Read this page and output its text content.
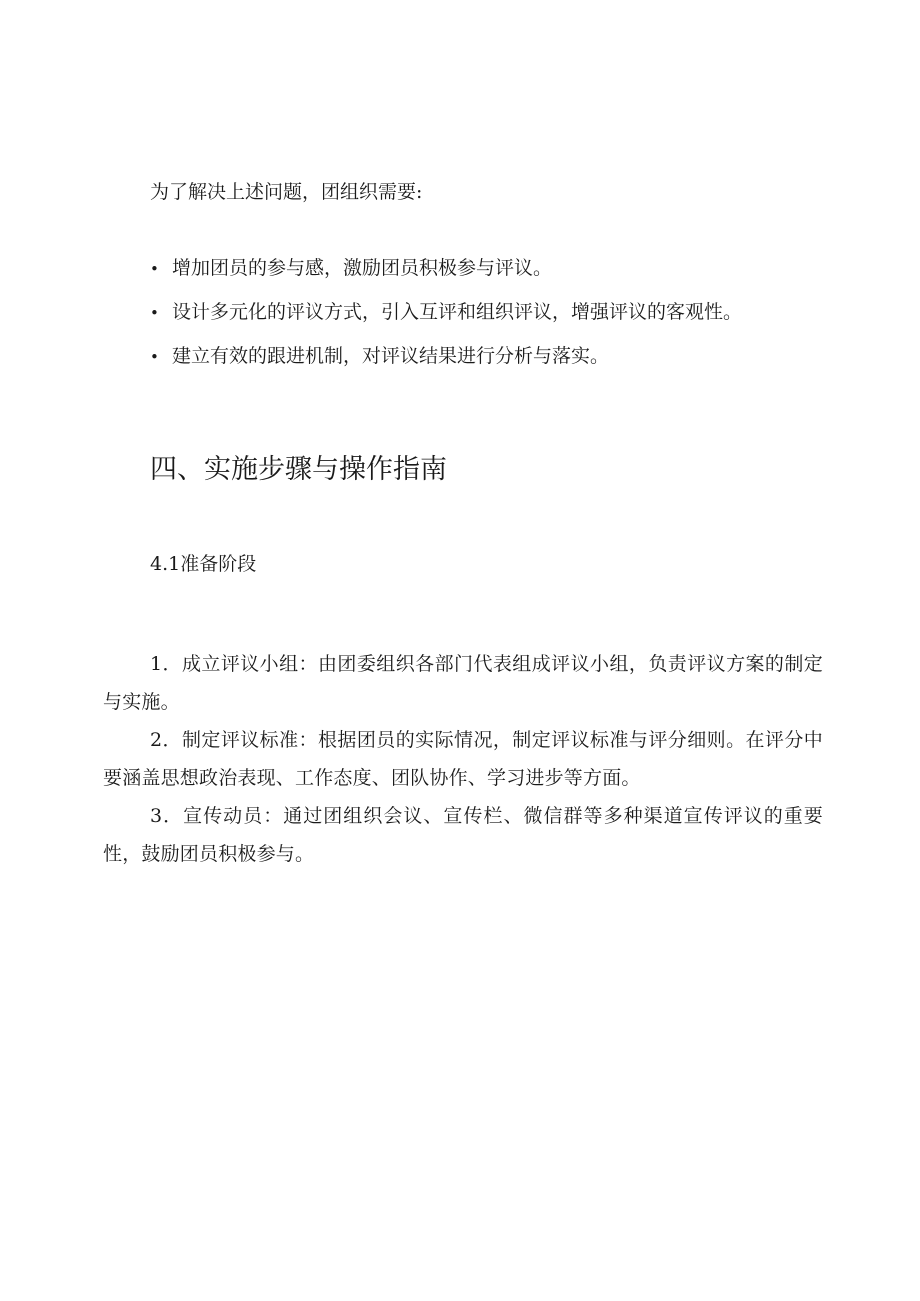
为了解决上述问题，团组织需要:

• 增加团员的参与感，激励团员积极参与评议。
• 设计多元化的评议方式，引入互评和组织评议，增强评议的客观性。
• 建立有效的跟进机制，对评议结果进行分析与落实。
四、实施步骤与操作指南
4.1准备阶段

1．成立评议小组：由团委组织各部门代表组成评议小组，负责评议方案的制定与实施。

2．制定评议标准：根据团员的实际情况，制定评议标准与评分细则。在评分中要涵盖思想政治表现、工作态度、团队协作、学习进步等方面。

3．宣传动员：通过团组织会议、宣传栏、微信群等多种渠道宣传评议的重要性，鼓励团员积极参与。
